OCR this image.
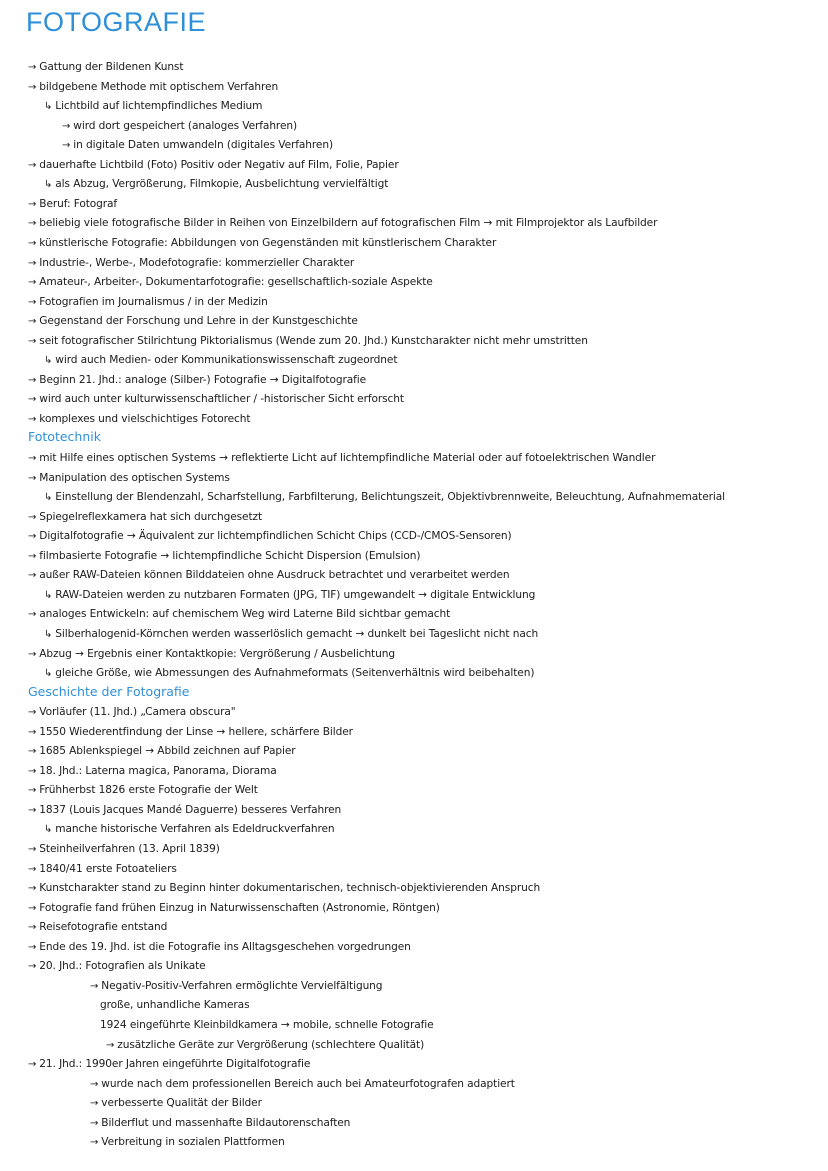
FOTOGRAFIE
→ Gattung der Bildenen Kunst
→ bildgebene Methode mit optischem Verfahren
↳ Lichtbild auf lichtempfindliches Medium
→ wird dort gespeichert (analoges Verfahren)
→ in digitale Daten umwandeln (digitales Verfahren)
→ dauerhafte Lichtbild (Foto) Positiv oder Negativ auf Film, Folie, Papier
↳ als Abzug, Vergrößerung, Filmkopie, Ausbelichtung vervielfältigt
→ Beruf: Fotograf
→ beliebig viele fotografische Bilder in Reihen von Einzelbildern auf fotografischen Film → mit Filmprojektor als Laufbilder
→ künstlerische Fotografie: Abbildungen von Gegenständen mit künstlerischem Charakter
→ Industrie-, Werbe-, Modefotografie: kommerzieller Charakter
→ Amateur-, Arbeiter-, Dokumentarfotografie: gesellschaftlich-soziale Aspekte
→ Fotografien im Journalismus / in der Medizin
→ Gegenstand der Forschung und Lehre in der Kunstgeschichte
→ seit fotografischer Stilrichtung Piktorialismus (Wende zum 20. Jhd.) Kunstcharakter nicht mehr umstritten
↳ wird auch Medien- oder Kommunikationswissenschaft zugeordnet
→ Beginn 21. Jhd.: analoge (Silber-) Fotografie → Digitalfotografie
→ wird auch unter kulturwissenschaftlicher / -historischer Sicht erforscht
→ komplexes und vielschichtiges Fotorecht
Fototechnik
→ mit Hilfe eines optischen Systems → reflektierte Licht auf lichtempfindliche Material oder auf fotoelektrischen Wandler
→ Manipulation des optischen Systems
↳ Einstellung der Blendenzahl, Scharfstellung, Farbfilterung, Belichtungszeit, Objektivbrennweite, Beleuchtung, Aufnahmematerial
→ Spiegelreflexkamera hat sich durchgesetzt
→ Digitalfotografie → Äquivalent zur lichtempfindlichen Schicht Chips (CCD-/CMOS-Sensoren)
→ filmbasierte Fotografie → lichtempfindliche Schicht Dispersion (Emulsion)
→ außer RAW-Dateien können Bilddateien ohne Ausdruck betrachtet und verarbeitet werden
↳ RAW-Dateien werden zu nutzbaren Formaten (JPG, TIF) umgewandelt → digitale Entwicklung
→ analoges Entwickeln: auf chemischem Weg wird Laterne Bild sichtbar gemacht
↳ Silberhalogenid-Körnchen werden wasserlöslich gemacht → dunkelt bei Tageslicht nicht nach
→ Abzug → Ergebnis einer Kontaktkopie: Vergrößerung / Ausbelichtung
↳ gleiche Größe, wie Abmessungen des Aufnahmeformats (Seitenverhältnis wird beibehalten)
Geschichte der Fotografie
→ Vorläufer (11. Jhd.) „Camera obscura"
→ 1550 Wiederentfindung der Linse → hellere, schärfere Bilder
→ 1685 Ablenkspiegel → Abbild zeichnen auf Papier
→ 18. Jhd.: Laterna magica, Panorama, Diorama
→ Frühherbst 1826 erste Fotografie der Welt
→ 1837 (Louis Jacques Mandé Daguerre) besseres Verfahren
↳ manche historische Verfahren als Edeldruckverfahren
→ Steinheilverfahren (13. April 1839)
→ 1840/41 erste Fotoateliers
→ Kunstcharakter stand zu Beginn hinter dokumentarischen, technisch-objektivierenden Anspruch
→ Fotografie fand frühen Einzug in Naturwissenschaften (Astronomie, Röntgen)
→ Reisefotografie entstand
→ Ende des 19. Jhd. ist die Fotografie ins Alltagsgeschehen vorgedrungen
→ 20. Jhd.: Fotografien als Unikate
→ Negativ-Positiv-Verfahren ermöglichte Vervielfältigung
große, unhandliche Kameras
1924 eingeführte Kleinbildkamera → mobile, schnelle Fotografie
→ zusätzliche Geräte zur Vergrößerung (schlechtere Qualität)
→ 21. Jhd.: 1990er Jahren eingeführte Digitalfotografie
→ wurde nach dem professionellen Bereich auch bei Amateurfotografen adaptiert
→ verbesserte Qualität der Bilder
→ Bilderflut und massenhafte Bildautorenschaften
→ Verbreitung in sozialen Plattformen
